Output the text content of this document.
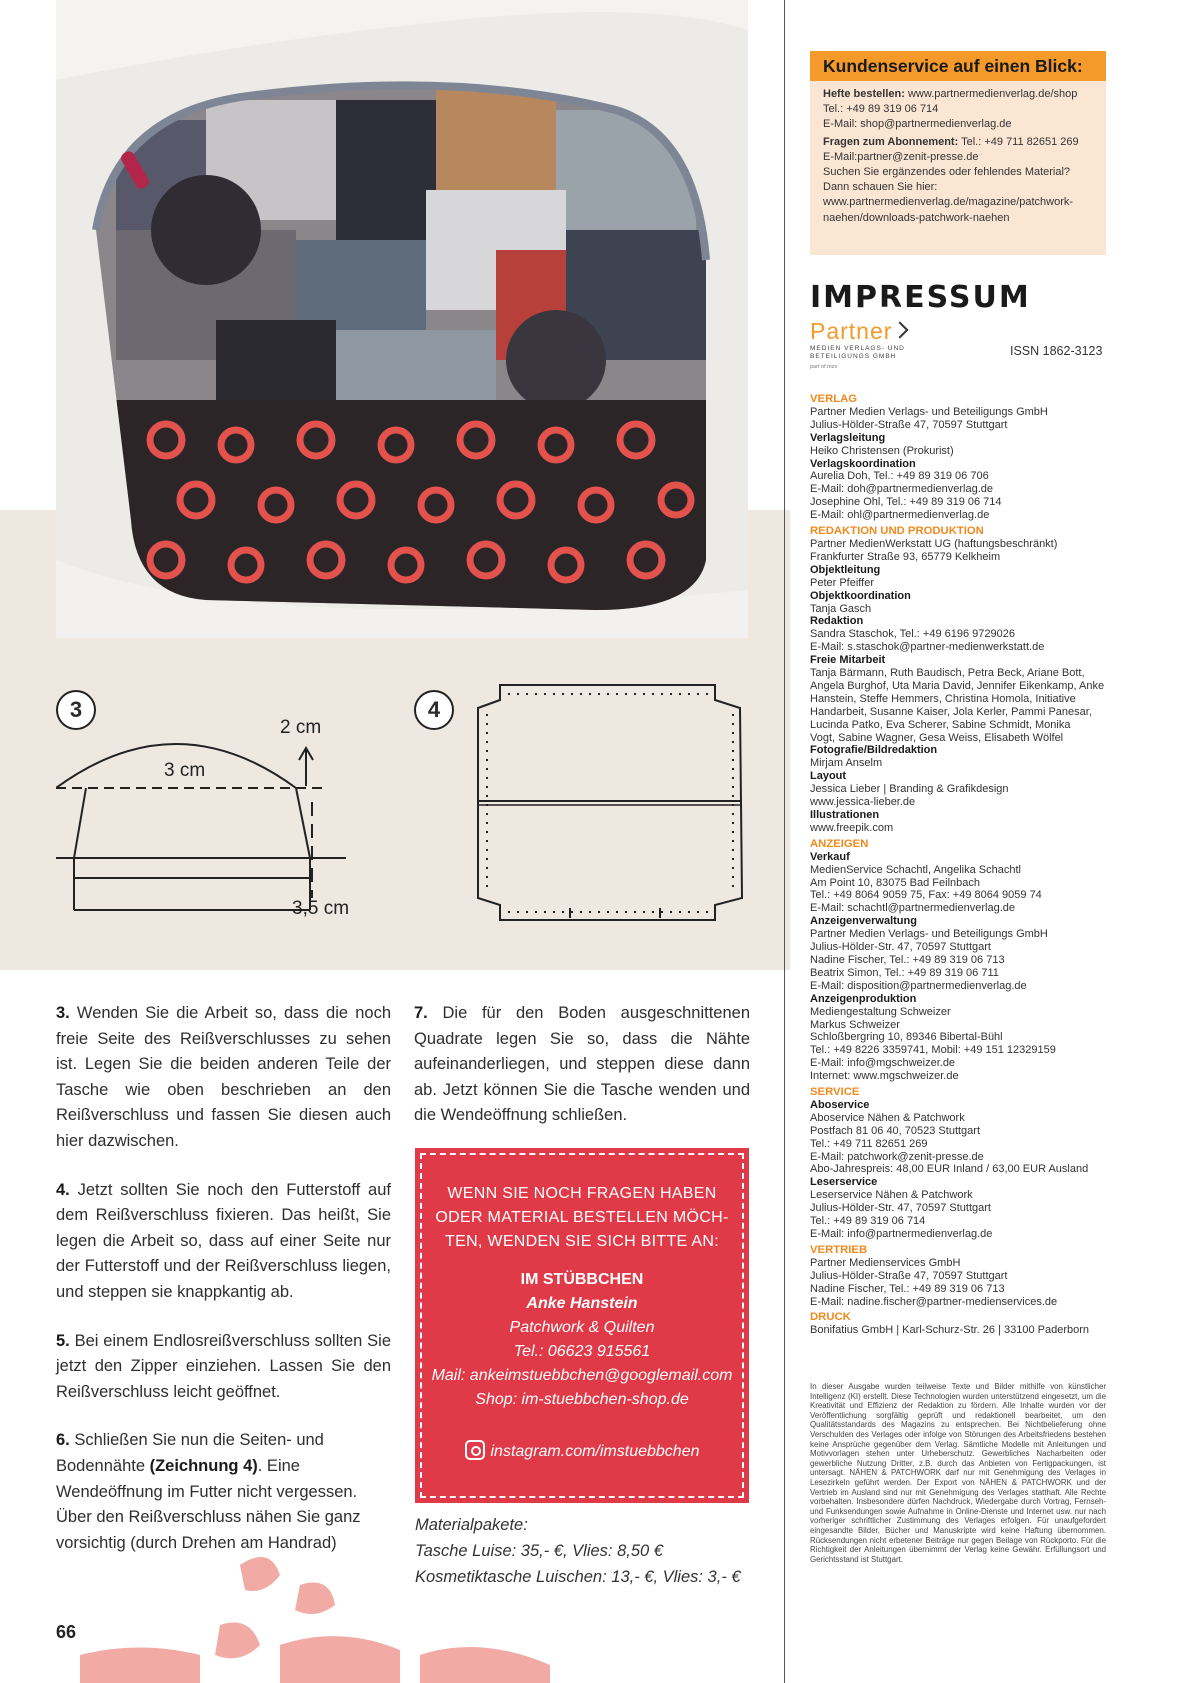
3
2 cm
3 cm
3,5 cm
4

3. Wenden Sie die Arbeit so, dass die noch freie Seite des Reißverschlusses zu sehen ist. Legen Sie die beiden anderen Teile der Tasche wie oben beschrieben an den Reißverschluss und fassen Sie diesen auch hier dazwischen.

4. Jetzt sollten Sie noch den Futterstoff auf dem Reißverschluss fixieren. Das heißt, Sie legen die Arbeit so, dass auf einer Seite nur der Futterstoff und der Reißverschluss liegen, und steppen sie knappkantig ab.

5. Bei einem Endlosreißverschluss sollten Sie jetzt den Zipper einziehen. Lassen Sie den Reißverschluss leicht geöffnet.

6. Schließen Sie nun die Seiten- und Bodennähte (Zeichnung 4). Eine Wendeöffnung im Futter nicht vergessen. Über den Reißverschluss nähen Sie ganz vorsichtig (durch Drehen am Handrad)

7. Die für den Boden ausgeschnittenen Quadrate legen Sie so, dass die Nähte aufeinanderliegen, und steppen diese dann ab. Jetzt können Sie die Tasche wenden und die Wendeöffnung schließen.

WENN SIE NOCH FRAGEN HABEN
ODER MATERIAL BESTELLEN MÖCH-
TEN, WENDEN SIE SICH BITTE AN:
IM STÜBBCHEN
Anke Hanstein
Patchwork & Quilten
Tel.: 06623 915561
Mail: ankeimstuebbchen@googlemail.com
Shop: im-stuebbchen-shop.de
instagram.com/imstuebbchen
Materialpakete:
Tasche Luise: 35,- €, Vlies: 8,50 €
Kosmetiktasche Luischen: 13,- €, Vlies: 3,- €
66
Kundenservice auf einen Blick:
Hefte bestellen: www.partnermedienverlag.de/shop
Tel.: +49 89 319 06 714
E-Mail: shop@partnermedienverlag.de
Fragen zum Abonnement: Tel.: +49 711 82651 269
E-Mail:partner@zenit-presse.de
Suchen Sie ergänzendes oder fehlendes Material?
Dann schauen Sie hier:
www.partnermedienverlag.de/magazine/patchwork-
naehen/downloads-patchwork-naehen
IMPRESSUM
Partner
MEDIEN VERLAGS- UND
BETEILIGUNGS GMBH
part of mzv
ISSN 1862-3123
VERLAG
Partner Medien Verlags- und Beteiligungs GmbH
Julius-Hölder-Straße 47, 70597 Stuttgart
Verlagsleitung
Heiko Christensen (Prokurist)
Verlagskoordination
Aurelia Doh, Tel.: +49 89 319 06 706
E-Mail: doh@partnermedienverlag.de
Josephine Ohl, Tel.: +49 89 319 06 714
E-Mail: ohl@partnermedienverlag.de
REDAKTION UND PRODUKTION
Partner MedienWerkstatt UG (haftungsbeschränkt)
Frankfurter Straße 93, 65779 Kelkheim
Objektleitung
Peter Pfeiffer
Objektkoordination
Tanja Gasch
Redaktion
Sandra Staschok, Tel.: +49 6196 9729026
E-Mail: s.staschok@partner-medienwerkstatt.de
Freie Mitarbeit
Tanja Bärmann, Ruth Baudisch, Petra Beck, Ariane Bott,
Angela Burghof, Uta Maria David, Jennifer Eikenkamp, Anke
Hanstein, Steffe Hemmers, Christina Homola, Initiative
Handarbeit, Susanne Kaiser, Jola Kerler, Pammi Panesar,
Lucinda Patko, Eva Scherer, Sabine Schmidt, Monika
Vogt, Sabine Wagner, Gesa Weiss, Elisabeth Wölfel
Fotografie/Bildredaktion
Mirjam Anselm
Layout
Jessica Lieber | Branding & Grafikdesign
www.jessica-lieber.de
Illustrationen
www.freepik.com
ANZEIGEN
Verkauf
MedienService Schachtl, Angelika Schachtl
Am Point 10, 83075 Bad Feilnbach
Tel.: +49 8064 9059 75, Fax: +49 8064 9059 74
E-Mail: schachtl@partnermedienverlag.de
Anzeigenverwaltung
Partner Medien Verlags- und Beteiligungs GmbH
Julius-Hölder-Str. 47, 70597 Stuttgart
Nadine Fischer, Tel.: +49 89 319 06 713
Beatrix Simon, Tel.: +49 89 319 06 711
E-Mail: disposition@partnermedienverlag.de
Anzeigenproduktion
Mediengestaltung Schweizer
Markus Schweizer
Schloßbergring 10, 89346 Bibertal-Bühl
Tel.: +49 8226 3359741, Mobil: +49 151 12329159
E-Mail: info@mgschweizer.de
Internet: www.mgschweizer.de
SERVICE
Aboservice
Aboservice Nähen & Patchwork
Postfach 81 06 40, 70523 Stuttgart
Tel.: +49 711 82651 269
E-Mail: patchwork@zenit-presse.de
Abo-Jahrespreis: 48,00 EUR Inland / 63,00 EUR Ausland
Leserservice
Leserservice Nähen & Patchwork
Julius-Hölder-Str. 47, 70597 Stuttgart
Tel.: +49 89 319 06 714
E-Mail: info@partnermedienverlag.de
VERTRIEB
Partner Medienservices GmbH
Julius-Hölder-Straße 47, 70597 Stuttgart
Nadine Fischer, Tel.: +49 89 319 06 713
E-Mail: nadine.fischer@partner-medienservices.de
DRUCK
Bonifatius GmbH | Karl-Schurz-Str. 26 | 33100 Paderborn
In dieser Ausgabe wurden teilweise Texte und Bilder mithilfe von künstlicher Intelligenz (KI) erstellt. Diese Technologien wurden unterstützend eingesetzt, um die Kreativität und Effizienz der Redaktion zu fördern. Alle Inhalte wurden vor der Veröffentlichung sorgfältig geprüft und redaktionell bearbeitet, um den Qualitätsstandards des Magazins zu entsprechen. Bei Nichtbelieferung ohne Verschulden des Verlages oder infolge von Störungen des Arbeitsfriedens bestehen keine Ansprüche gegenüber dem Verlag. Sämtliche Modelle mit Anleitungen und Motivvorlagen stehen unter Urheberschutz. Gewerbliches Nacharbeiten oder gewerbliche Nutzung Dritter, z.B. durch das Anbieten von Fertigpackungen, ist untersagt. NÄHEN & PATCHWORK darf nur mit Genehmigung des Verlages in Lesezirkeln geführt werden. Der Export von NÄHEN & PATCHWORK und der Vertrieb im Ausland sind nur mit Genehmigung des Verlages statthaft. Alle Rechte vorbehalten. Insbesondere dürfen Nachdruck, Wiedergabe durch Vortrag, Fernseh- und Funksendungen sowie Aufnahme in Online-Dienste und Internet usw. nur nach vorheriger schriftlicher Zustimmung des Verlages erfolgen. Für unaufgefordert eingesandte Bilder, Bücher und Manuskripte wird keine Haftung übernommen. Rücksendungen nicht erbetener Beiträge nur gegen Beilage von Rückporto. Für die Richtigkeit der Anleitungen übernimmt der Verlag keine Gewähr. Erfüllungsort und Gerichtsstand ist Stuttgart.
